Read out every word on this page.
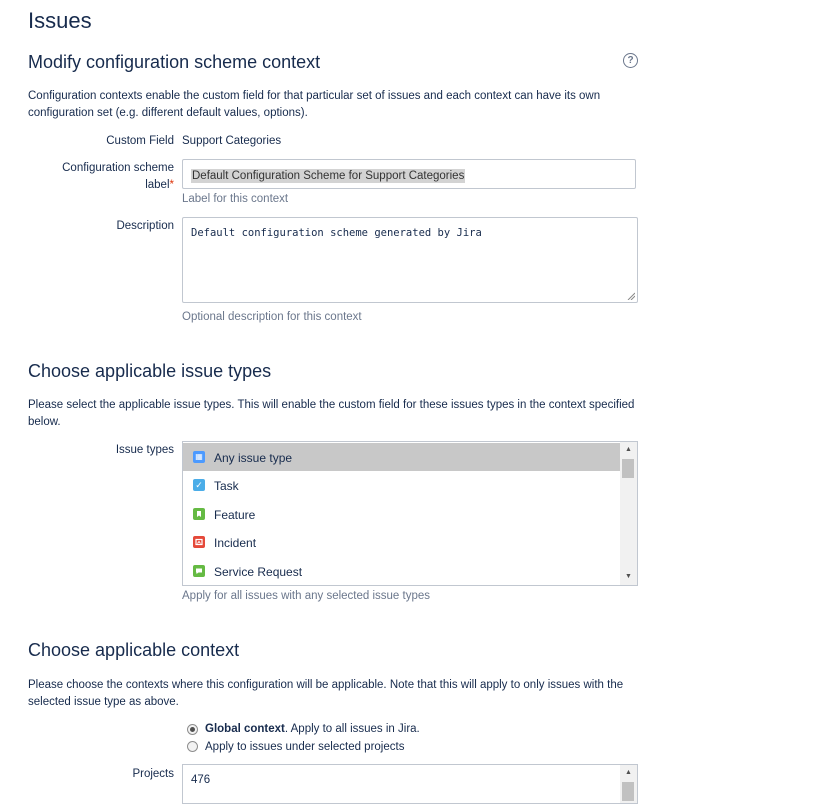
Issues
Modify configuration scheme context	?
Configuration contexts enable the custom field for that particular set of issues and each context can have its own configuration set (e.g. different default values, options).
Custom Field Support Categories
Configuration scheme
label*
Default Configuration Scheme for Support Categories
Label for this context
Description
Default configuration scheme generated by Jira
Optional description for this context
Choose applicable issue types
Please select the applicable issue types. This will enable the custom field for these issues types in the context specified below.
Issue types
▦ Any issue type
✓ Task
Feature
Incident
Service Request
▲
▼
Apply for all issues with any selected issue types
Choose applicable context
Please choose the contexts where this configuration will be applicable. Note that this will apply to only issues with the selected issue type as above.
Global context. Apply to all issues in Jira.
Apply to issues under selected projects
Projects 476
▲
